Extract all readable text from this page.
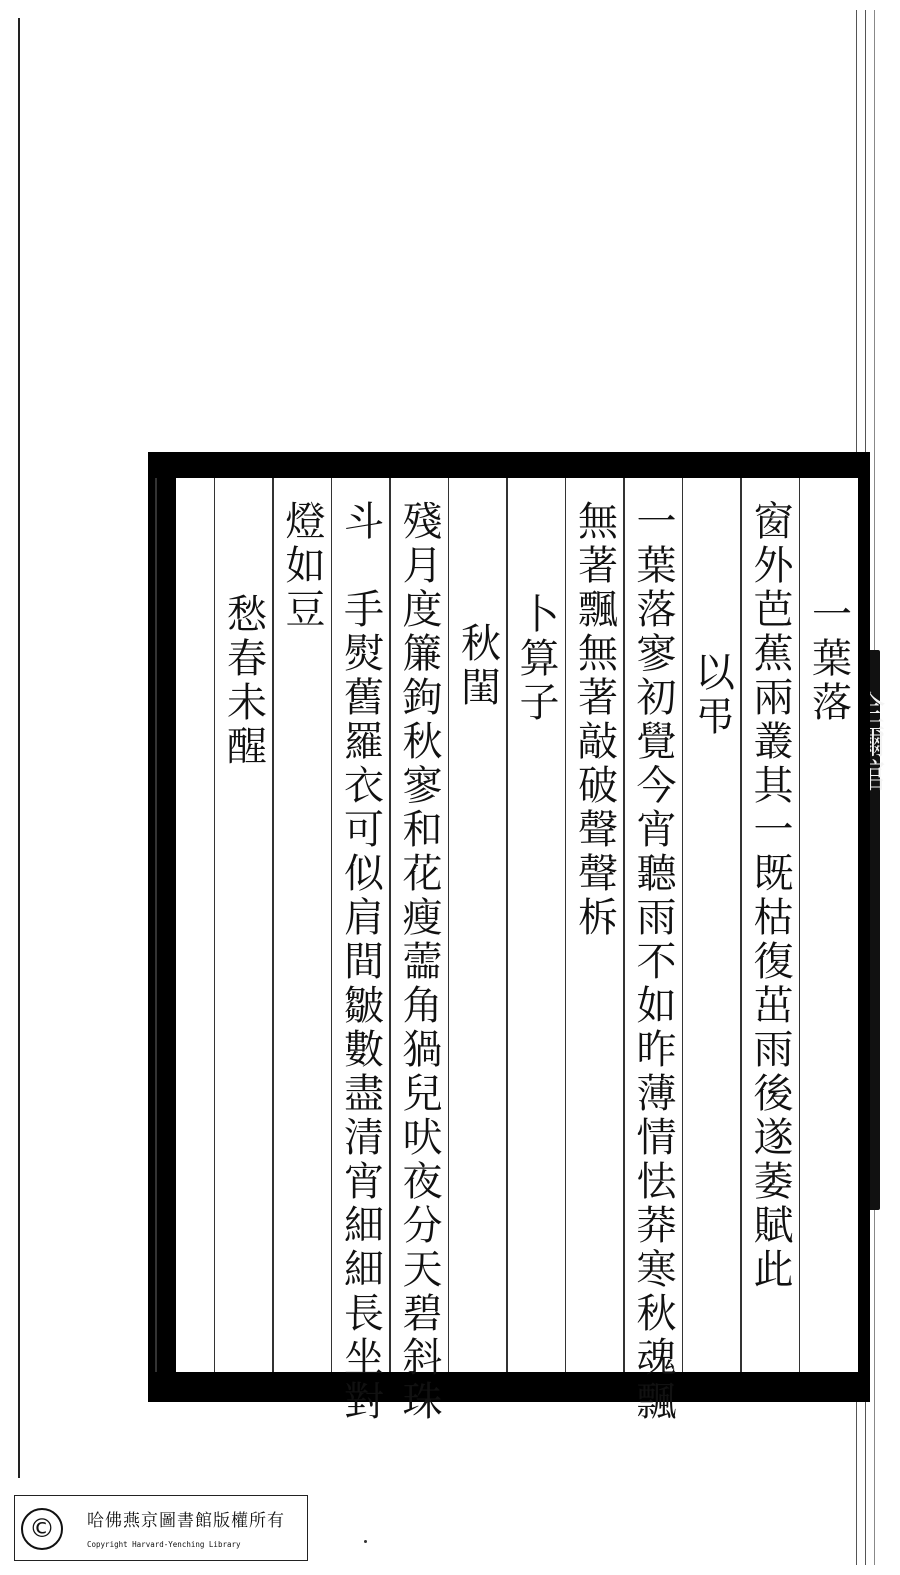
一葉落
窗外芭蕉兩叢其一既枯復茁雨後遂萎賦此
以弔
一葉落寥初覺今宵聽雨不如昨薄情怯莽寒秋魂飄
無著飄無著敲破聲聲柝
卜算子
秋閨
殘月度簾鉤秋寥和花瘦蘦角猧兒吠夜分天碧斜珠
斗　手熨舊羅衣可似肩間皺數盡清宵細細長坐對
燈如豆
愁春未醒
©	哈佛燕京圖書館版權所有
Copyright Harvard-Yenching Library
